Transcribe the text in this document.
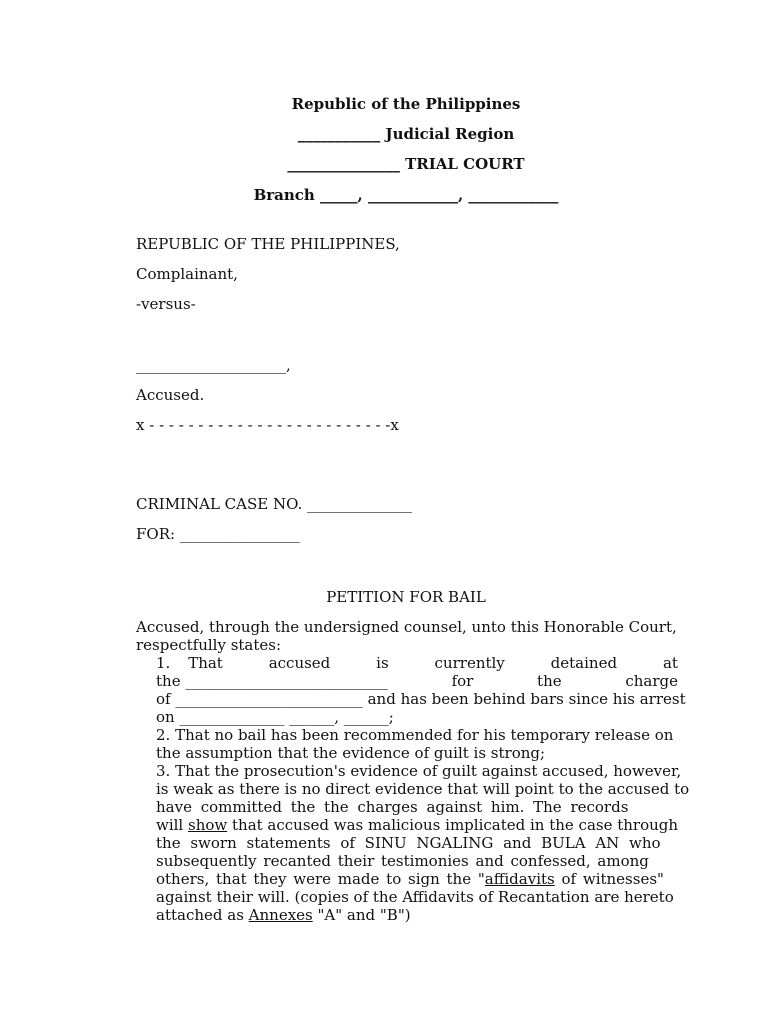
Republic of the Philippines
___________ Judicial Region
_______________ TRIAL COURT
Branch _____, ____________, ____________
REPUBLIC OF THE PHILIPPINES,
Complainant,
-versus-
____________________,
Accused.
x - - - - - - - - - - - - - - - - - - - - - - - - -x
CRIMINAL CASE NO. ______________
FOR: ________________
PETITION FOR BAIL
Accused, through the undersigned counsel, unto this Honorable Court,
respectfully states:
1. That	accused	is	currently	detained	at
the ___________________________	for	the	charge
of _________________________ and has been behind bars since his arrest
on ______________ ______, ______;
2. That no bail has been recommended for his temporary release on
the assumption that the evidence of guilt is strong;
3. That the prosecution's evidence of guilt against accused, however,
is weak as there is no direct evidence that will point to the accused to
have committed the the charges against him. The records
will show that accused was malicious implicated in the case through
the sworn statements of SINU NGALING and BULA AN who
subsequently recanted their testimonies and confessed, among
others, that they were made to sign the "affidavits of witnesses"
against their will. (copies of the Affidavits of Recantation are hereto
attached as Annexes "A" and "B")
